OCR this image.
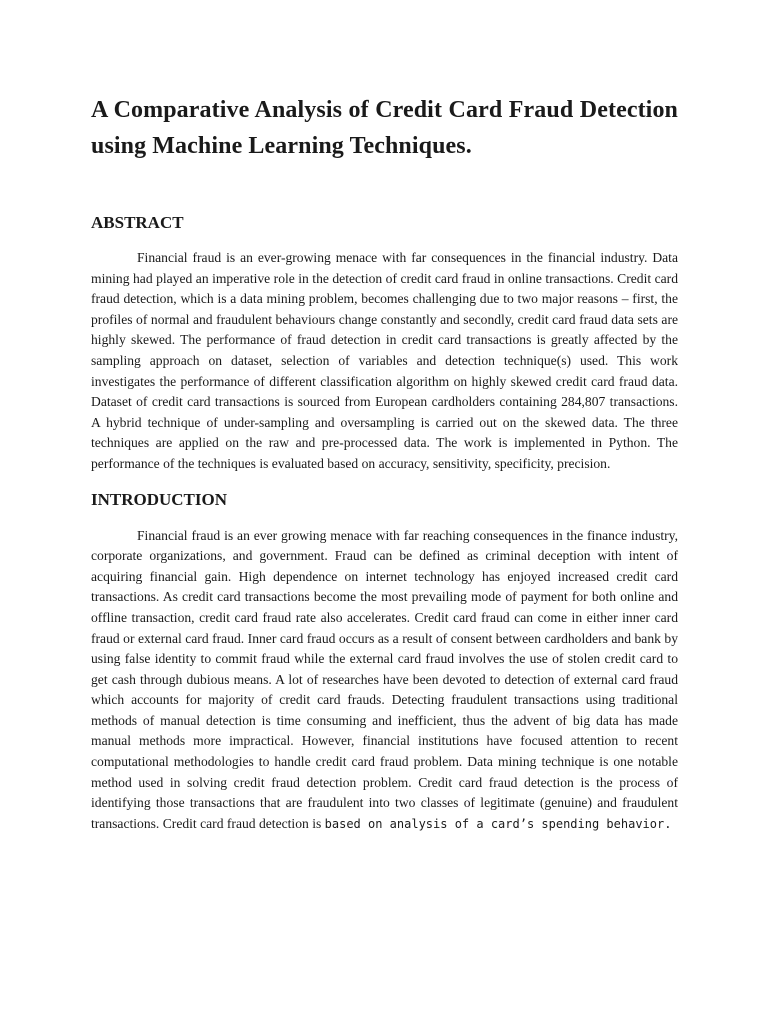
A Comparative Analysis of Credit Card Fraud Detection using Machine Learning Techniques.
ABSTRACT

Financial fraud is an ever-growing menace with far consequences in the financial industry. Data mining had played an imperative role in the detection of credit card fraud in online transactions. Credit card fraud detection, which is a data mining problem, becomes challenging due to two major reasons – first, the profiles of normal and fraudulent behaviours change constantly and secondly, credit card fraud data sets are highly skewed. The performance of fraud detection in credit card transactions is greatly affected by the sampling approach on dataset, selection of variables and detection technique(s) used. This work investigates the performance of different classification algorithm on highly skewed credit card fraud data. Dataset of credit card transactions is sourced from European cardholders containing 284,807 transactions. A hybrid technique of under-sampling and oversampling is carried out on the skewed data. The three techniques are applied on the raw and pre-processed data. The work is implemented in Python. The performance of the techniques is evaluated based on accuracy, sensitivity, specificity, precision.

INTRODUCTION

Financial fraud is an ever growing menace with far reaching consequences in the finance industry, corporate organizations, and government. Fraud can be defined as criminal deception with intent of acquiring financial gain. High dependence on internet technology has enjoyed increased credit card transactions. As credit card transactions become the most prevailing mode of payment for both online and offline transaction, credit card fraud rate also accelerates. Credit card fraud can come in either inner card fraud or external card fraud. Inner card fraud occurs as a result of consent between cardholders and bank by using false identity to commit fraud while the external card fraud involves the use of stolen credit card to get cash through dubious means. A lot of researches have been devoted to detection of external card fraud which accounts for majority of credit card frauds. Detecting fraudulent transactions using traditional methods of manual detection is time consuming and inefficient, thus the advent of big data has made manual methods more impractical. However, financial institutions have focused attention to recent computational methodologies to handle credit card fraud problem. Data mining technique is one notable method used in solving credit fraud detection problem. Credit card fraud detection is the process of identifying those transactions that are fraudulent into two classes of legitimate (genuine) and fraudulent transactions. Credit card fraud detection is based on analysis of a card’s spending behavior.
